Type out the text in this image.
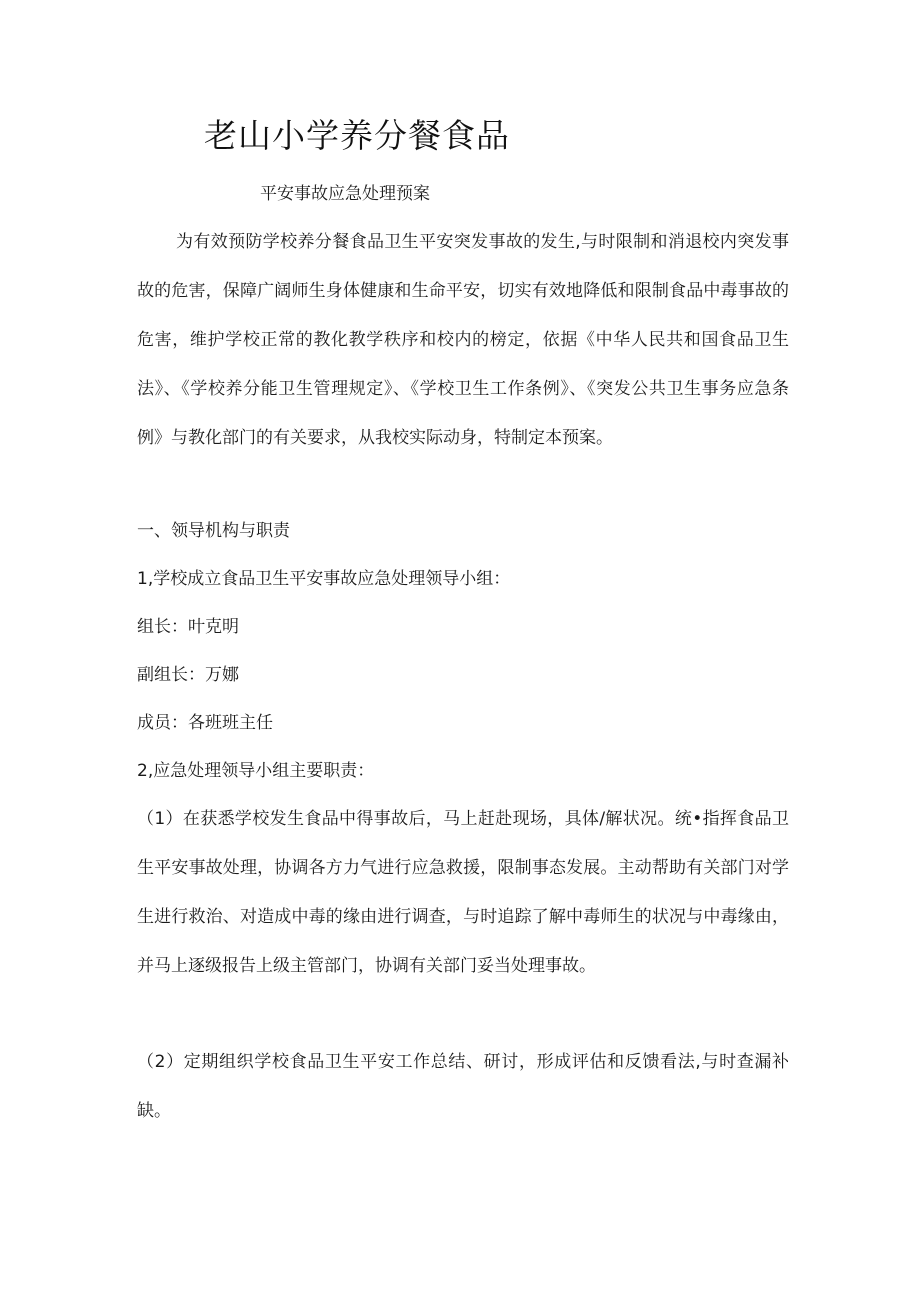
老山小学养分餐食品
平安事故应急处理预案
为有效预防学校养分餐食品卫生平安突发事故的发生,与时限制和消退校内突发事故的危害，保障广阔师生身体健康和生命平安，切实有效地降低和限制食品中毒事故的危害，维护学校正常的教化教学秩序和校内的榜定，依据《中华人民共和国食品卫生法》、《学校养分能卫生管理规定》、《学校卫生工作条例》、《突发公共卫生事务应急条例》与教化部门的有关要求，从我校实际动身，特制定本预案。
一、领导机构与职责
1,学校成立食品卫生平安事故应急处理领导小组：
组长：叶克明
副组长：万娜
成员：各班班主任
2,应急处理领导小组主要职责：
（1）在获悉学校发生食品中得事故后，马上赶赴现场，具体/解状况。统•指挥食品卫生平安事故处理，协调各方力气进行应急救援，限制事态发展。主动帮助有关部门对学生进行救治、对造成中毒的缘由进行调查，与时追踪了解中毒师生的状况与中毒缘由，并马上逐级报告上级主管部门，协调有关部门妥当处理事故。
（2）定期组织学校食品卫生平安工作总结、研讨，形成评估和反馈看法,与时查漏补缺。
